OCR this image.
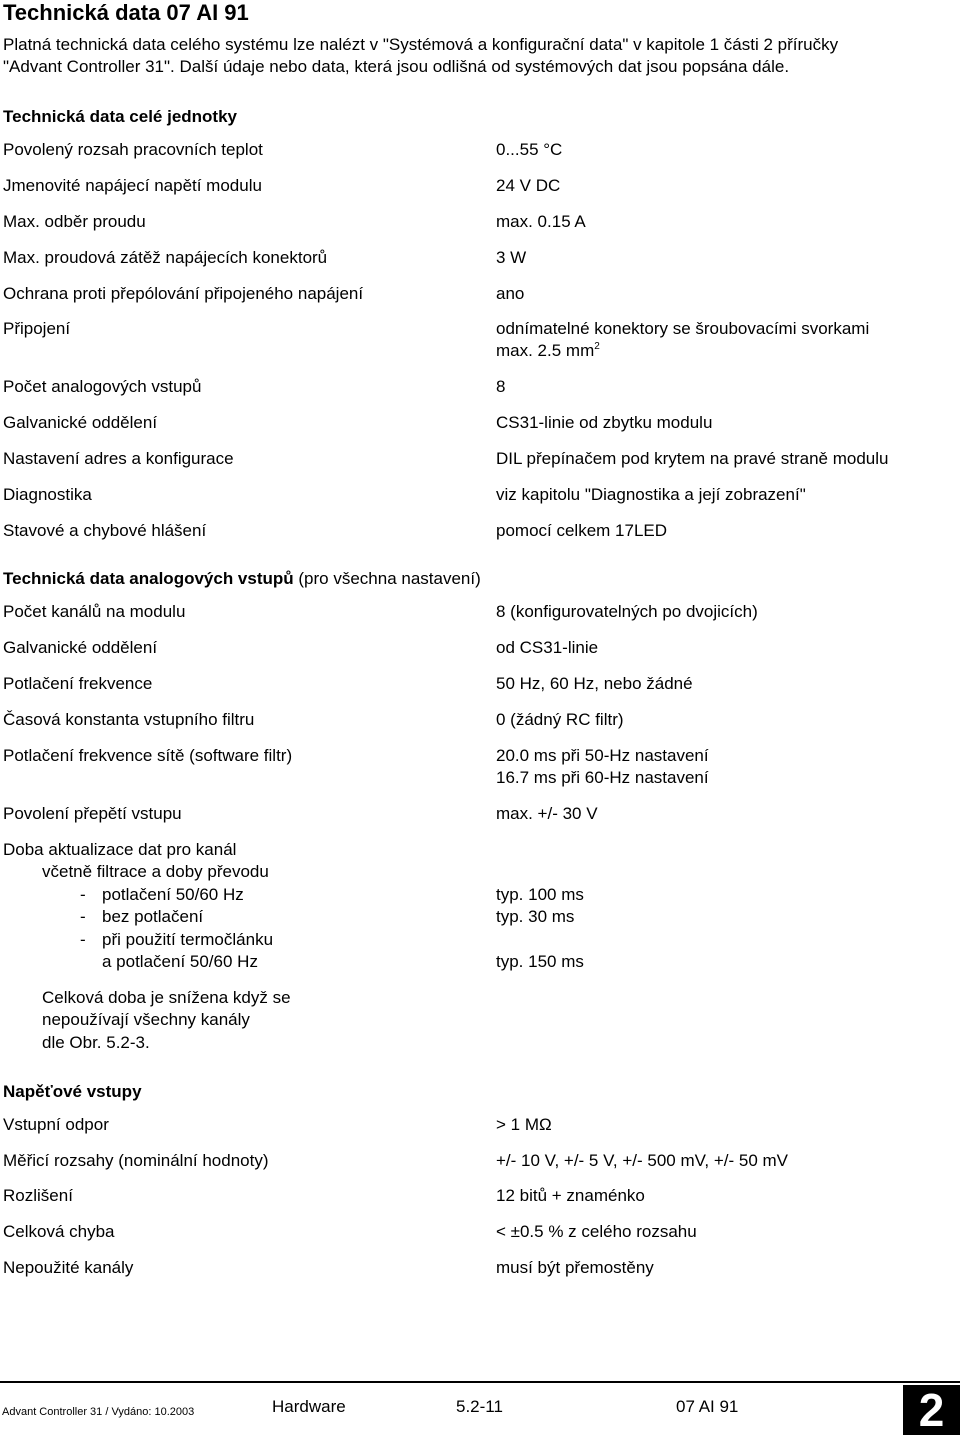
Technická data 07 AI 91
Platná technická data celého systému lze nalézt v "Systémová a konfigurační data" v kapitole 1 části 2 příručky
"Advant Controller 31". Další údaje nebo data, která jsou odlišná od systémových dat jsou popsána dále.
Technická data celé jednotky
Povolený rozsah pracovních teplot	0...55 °C
Jmenovité napájecí napětí modulu	24 V DC
Max. odběr proudu	max. 0.15 A
Max. proudová zátěž napájecích konektorů	3 W
Ochrana proti přepólování připojeného napájení	ano
Připojení	odnímatelné konektory se šroubovacími svorkami
max. 2.5 $mm^2$
Počet analogových vstupů	8
Galvanické oddělení	CS31-linie od zbytku modulu
Nastavení adres a konfigurace	DIL přepínačem pod krytem na pravé straně modulu
Diagnostika	viz kapitolu "Diagnostika a její zobrazení"
Stavové a chybové hlášení	pomocí celkem 17LED
Technická data analogových vstupů (pro všechna nastavení)
Počet kanálů na modulu	8 (konfigurovatelných po dvojicích)
Galvanické oddělení	od CS31-linie
Potlačení frekvence	50 Hz, 60 Hz, nebo žádné
Časová konstanta vstupního filtru	0 (žádný RC filtr)
Potlačení frekvence sítě (software filtr)	20.0 ms při 50-Hz nastavení
16.7 ms při 60-Hz nastavení
Povolení přepětí vstupu	max. +/- 30 V
Doba aktualizace dat pro kanál
včetně filtrace a doby převodu
- potlačení 50/60 Hz	typ. 100 ms
- bez potlačení	typ. 30 ms
- při použití termočlánku
a potlačení 50/60 Hz	typ. 150 ms
Celková doba je snížena když se
nepoužívají všechny kanály
dle Obr. 5.2-3.
Napěťové vstupy
Vstupní odpor	> 1 MΩ
Měřicí rozsahy (nominální hodnoty)	+/- 10 V, +/- 5 V, +/- 500 mV, +/- 50 mV
Rozlišení	12 bitů + znaménko
Celková chyba	< ±0.5 % z celého rozsahu
Nepoužité kanály	musí být přemostěny
Advant Controller 31 / Vydáno: 10.2003	Hardware	5.2-11	07 AI 91	2
